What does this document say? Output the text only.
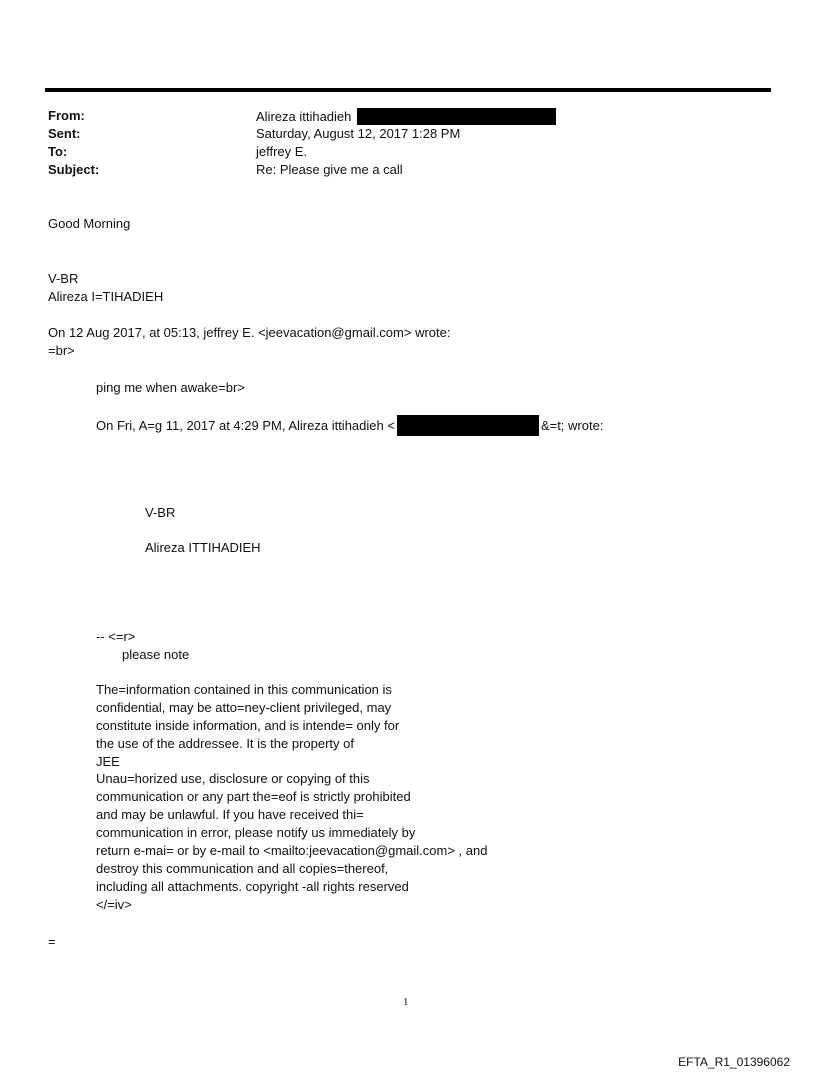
From:	Alireza ittihadieh
Sent:	Saturday, August 12, 2017 1:28 PM
To:	jeffrey E.
Subject:	Re: Please give me a call
Good Morning
V-BR
Alireza I=TIHADIEH
On 12 Aug 2017, at 05:13, jeffrey E. <jeevacation@gmail.com> wrote:
=br>
ping me when awake=br>
On Fri, A=g 11, 2017 at 4:29 PM, Alireza ittihadieh <	&=t; wrote:
V-BR
Alireza ITTIHADIEH
-- <=r>
please note
The=information contained in this communication is
confidential, may be atto=ney-client privileged, may
constitute inside information, and is intende= only for
the use of the addressee. It is the property of
JEE
Unau=horized use, disclosure or copying of this
communication or any part the=eof is strictly prohibited
and may be unlawful. If you have received thi=
communication in error, please notify us immediately by
return e-mai= or by e-mail to <mailto:jeevacation@gmail.com> , and
destroy this communication and all copies=thereof,
including all attachments. copyright -all rights reserved
</=iv>
=
1
EFTA_R1_01396062
